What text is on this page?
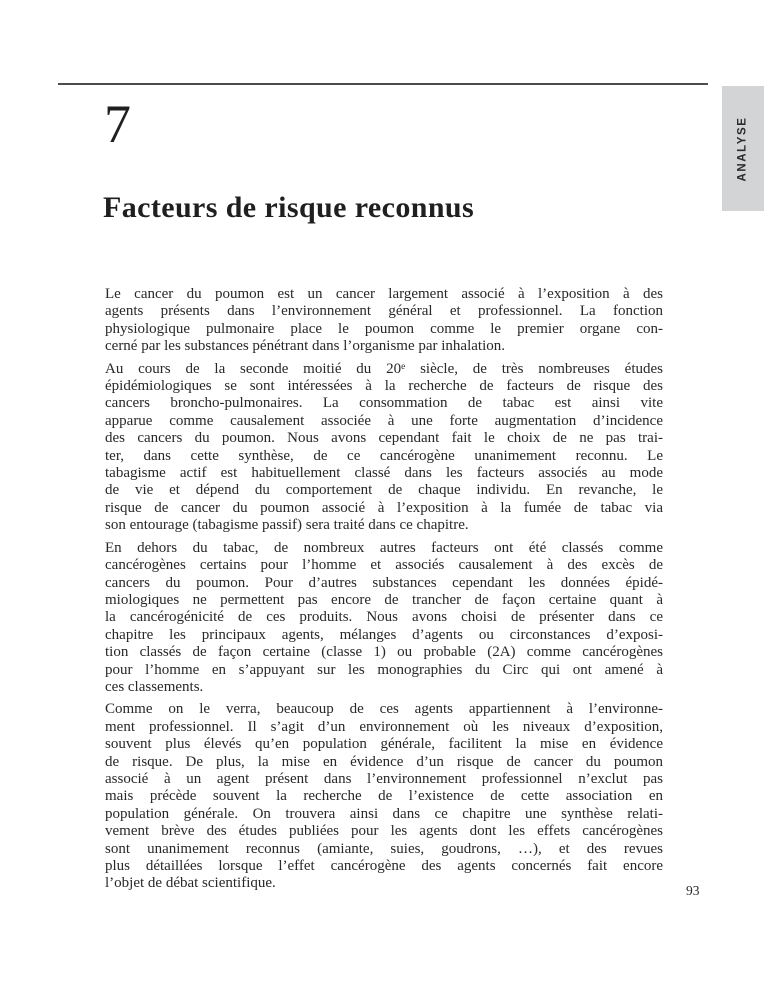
ANALYSE
7
Facteurs de risque reconnus
Le cancer du poumon est un cancer largement associé à l’exposition à des
agents présents dans l’environnement général et professionnel. La fonction
physiologique pulmonaire place le poumon comme le premier organe con-
cerné par les substances pénétrant dans l’organisme par inhalation.
Au cours de la seconde moitié du 20e siècle, de très nombreuses études
épidémiologiques se sont intéressées à la recherche de facteurs de risque des
cancers broncho-pulmonaires. La consommation de tabac est ainsi vite
apparue comme causalement associée à une forte augmentation d’incidence
des cancers du poumon. Nous avons cependant fait le choix de ne pas trai-
ter, dans cette synthèse, de ce cancérogène unanimement reconnu. Le
tabagisme actif est habituellement classé dans les facteurs associés au mode
de vie et dépend du comportement de chaque individu. En revanche, le
risque de cancer du poumon associé à l’exposition à la fumée de tabac via
son entourage (tabagisme passif) sera traité dans ce chapitre.
En dehors du tabac, de nombreux autres facteurs ont été classés comme
cancérogènes certains pour l’homme et associés causalement à des excès de
cancers du poumon. Pour d’autres substances cependant les données épidé-
miologiques ne permettent pas encore de trancher de façon certaine quant à
la cancérogénicité de ces produits. Nous avons choisi de présenter dans ce
chapitre les principaux agents, mélanges d’agents ou circonstances d’exposi-
tion classés de façon certaine (classe 1) ou probable (2A) comme cancérogènes
pour l’homme en s’appuyant sur les monographies du Circ qui ont amené à
ces classements.
Comme on le verra, beaucoup de ces agents appartiennent à l’environne-
ment professionnel. Il s’agit d’un environnement où les niveaux d’exposition,
souvent plus élevés qu’en population générale, facilitent la mise en évidence
de risque. De plus, la mise en évidence d’un risque de cancer du poumon
associé à un agent présent dans l’environnement professionnel n’exclut pas
mais précède souvent la recherche de l’existence de cette association en
population générale. On trouvera ainsi dans ce chapitre une synthèse relati-
vement brève des études publiées pour les agents dont les effets cancérogènes
sont unanimement reconnus (amiante, suies, goudrons, …), et des revues
plus détaillées lorsque l’effet cancérogène des agents concernés fait encore
l’objet de débat scientifique.	93
